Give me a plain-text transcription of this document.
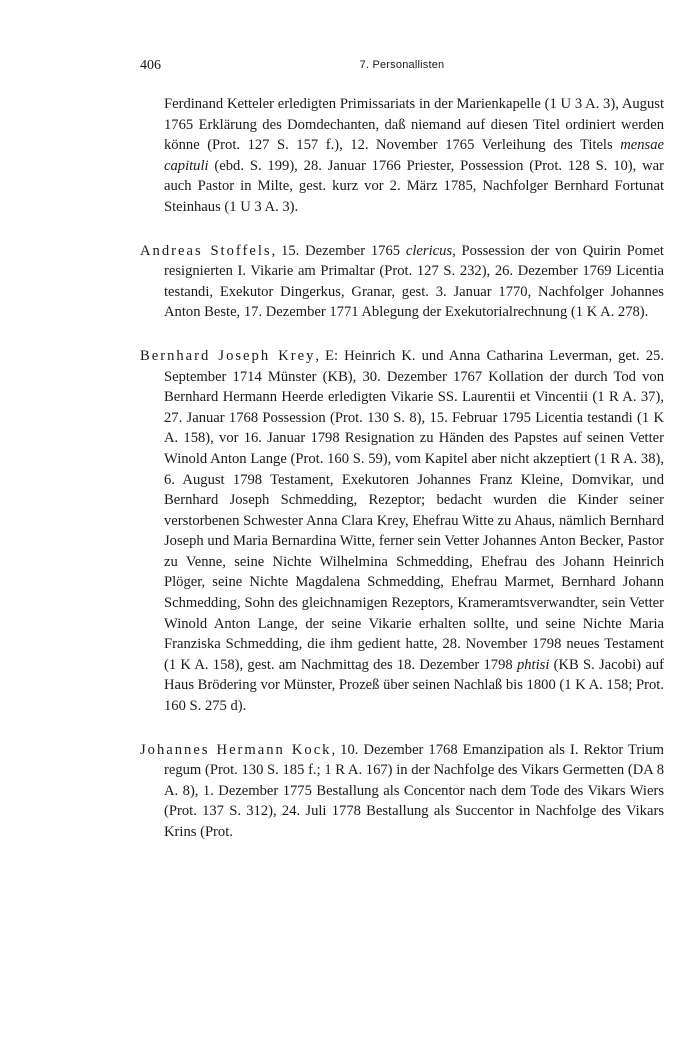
406	7. Personallisten

Ferdinand Ketteler erledigten Primissariats in der Marienkapelle (1 U 3 A. 3), August 1765 Erklärung des Domdechanten, daß niemand auf diesen Titel ordiniert werden könne (Prot. 127 S. 157 f.), 12. November 1765 Verleihung des Titels mensae capituli (ebd. S. 199), 28. Januar 1766 Priester, Possession (Prot. 128 S. 10), war auch Pastor in Milte, gest. kurz vor 2. März 1785, Nachfolger Bernhard Fortunat Steinhaus (1 U 3 A. 3).

Andreas Stoffels, 15. Dezember 1765 clericus, Possession der von Quirin Pomet resignierten I. Vikarie am Primaltar (Prot. 127 S. 232), 26. Dezember 1769 Licentia testandi, Exekutor Dingerkus, Granar, gest. 3. Januar 1770, Nachfolger Johannes Anton Beste, 17. Dezember 1771 Ablegung der Exekutorialrechnung (1 K A. 278).

Bernhard Joseph Krey, E: Heinrich K. und Anna Catharina Leverman, get. 25. September 1714 Münster (KB), 30. Dezember 1767 Kollation der durch Tod von Bernhard Hermann Heerde erledigten Vikarie SS. Laurentii et Vincentii (1 R A. 37), 27. Januar 1768 Possession (Prot. 130 S. 8), 15. Februar 1795 Licentia testandi (1 K A. 158), vor 16. Januar 1798 Resignation zu Händen des Papstes auf seinen Vetter Winold Anton Lange (Prot. 160 S. 59), vom Kapitel aber nicht akzeptiert (1 R A. 38), 6. August 1798 Testament, Exekutoren Johannes Franz Kleine, Domvikar, und Bernhard Joseph Schmedding, Rezeptor; bedacht wurden die Kinder seiner verstorbenen Schwester Anna Clara Krey, Ehefrau Witte zu Ahaus, nämlich Bernhard Joseph und Maria Bernardina Witte, ferner sein Vetter Johannes Anton Becker, Pastor zu Venne, seine Nichte Wilhelmina Schmedding, Ehefrau des Johann Heinrich Plöger, seine Nichte Magdalena Schmedding, Ehefrau Marmet, Bernhard Johann Schmedding, Sohn des gleichnamigen Rezeptors, Krameramtsverwandter, sein Vetter Winold Anton Lange, der seine Vikarie erhalten sollte, und seine Nichte Maria Franziska Schmedding, die ihm gedient hatte, 28. November 1798 neues Testament (1 K A. 158), gest. am Nachmittag des 18. Dezember 1798 phtisi (KB S. Jacobi) auf Haus Brödering vor Münster, Prozeß über seinen Nachlaß bis 1800 (1 K A. 158; Prot. 160 S. 275 d).

Johannes Hermann Kock, 10. Dezember 1768 Emanzipation als I. Rektor Trium regum (Prot. 130 S. 185 f.; 1 R A. 167) in der Nachfolge des Vikars Germetten (DA 8 A. 8), 1. Dezember 1775 Bestallung als Concentor nach dem Tode des Vikars Wiers (Prot. 137 S. 312), 24. Juli 1778 Bestallung als Succentor in Nachfolge des Vikars Krins (Prot.
